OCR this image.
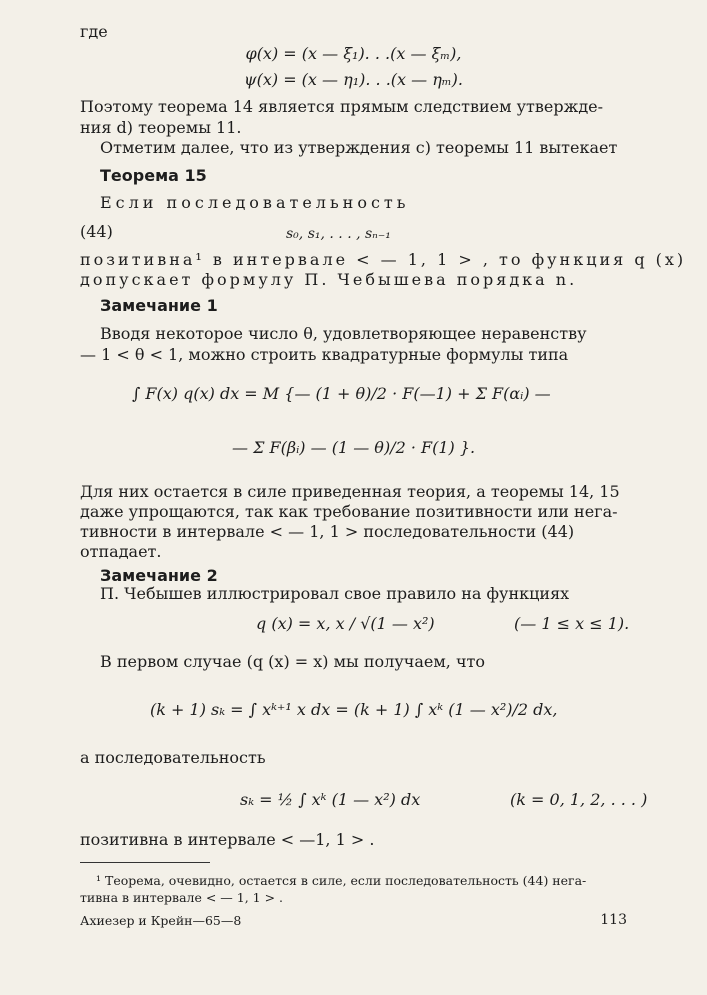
где
φ(x) = (x — ξ₁). . .(x — ξₘ),
ψ(x) = (x — η₁). . .(x — ηₘ).
Поэтому теорема 14 является прямым следствием утвержде-
ния d) теоремы 11.
Отметим далее, что из утверждения с) теоремы 11 вытекает
Теорема 15
Если последовательность
(44)	s₀, s₁, . . . , sₙ₋₁
позитивна¹ в интервале < — 1, 1 > , то функция q (x)
допускает формулу П. Чебышева порядка n.
Замечание 1
Вводя некоторое число θ, удовлетворяющее неравенству
— 1 < θ < 1, можно строить квадратурные формулы типа
∫ F(x) q(x) dx = M {— (1 + θ)/2 · F(—1) + Σ F(αᵢ) —
— Σ F(βᵢ) — (1 — θ)/2 · F(1) }.
Для них остается в силе приведенная теория, а теоремы 14, 15
даже упрощаются, так как требование позитивности или нега-
тивности в интервале < — 1, 1 > последовательности (44)
отпадает.
Замечание 2
П. Чебышев иллюстрировал свое правило на функциях
q (x) = x, x / √(1 — x²)	(— 1 ≤ x ≤ 1).
В первом случае (q (x) = x) мы получаем, что
(k + 1) sₖ = ∫ xᵏ⁺¹ x dx = (k + 1) ∫ xᵏ (1 — x²)/2 dx,
а последовательность
sₖ = ½ ∫ xᵏ (1 — x²) dx	(k = 0, 1, 2, . . . )
позитивна в интервале < —1, 1 > .
¹ Теорема, очевидно, остается в силе, если последовательность (44) нега-
тивна в интервале < — 1, 1 > .
Ахиезер и Крейн—65—8	113
